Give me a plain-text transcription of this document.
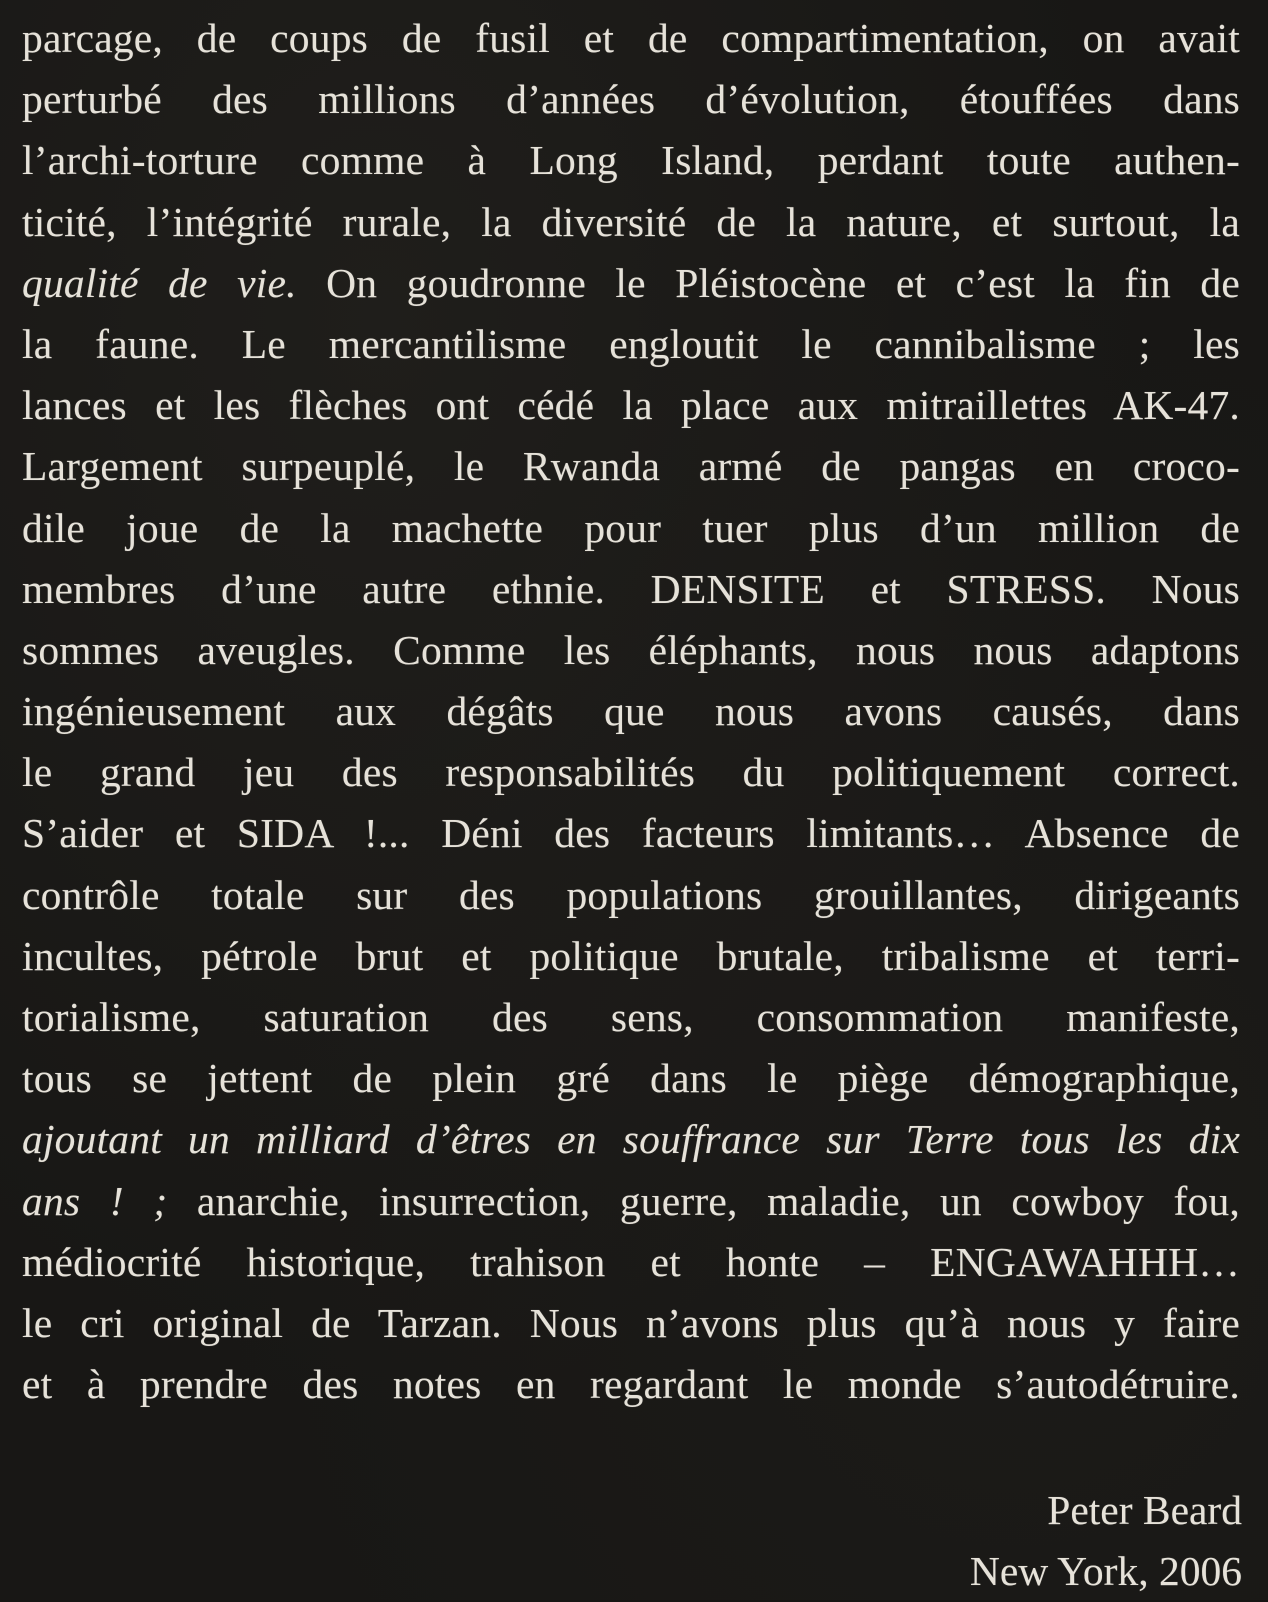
parcage, de coups de fusil et de compartimentation, on avait
perturbé des millions d’années d’évolution, étouffées dans
l’archi-torture comme à Long Island, perdant toute authen-
ticité, l’intégrité rurale, la diversité de la nature, et surtout, la
qualité de vie. On goudronne le Pléistocène et c’est la fin de
la faune. Le mercantilisme engloutit le cannibalisme ; les
lances et les flèches ont cédé la place aux mitraillettes AK-47.
Largement surpeuplé, le Rwanda armé de pangas en croco-
dile joue de la machette pour tuer plus d’un million de
membres d’une autre ethnie. DENSITE et STRESS. Nous
sommes aveugles. Comme les éléphants, nous nous adaptons
ingénieusement aux dégâts que nous avons causés, dans
le grand jeu des responsabilités du politiquement correct.
S’aider et SIDA !... Déni des facteurs limitants… Absence de
contrôle totale sur des populations grouillantes, dirigeants
incultes, pétrole brut et politique brutale, tribalisme et terri-
torialisme, saturation des sens, consommation manifeste,
tous se jettent de plein gré dans le piège démographique,
ajoutant un milliard d’êtres en souffrance sur Terre tous les dix
ans ! ; anarchie, insurrection, guerre, maladie, un cowboy fou,
médiocrité historique, trahison et honte – ENGAWAHHH…
le cri original de Tarzan. Nous n’avons plus qu’à nous y faire
et à prendre des notes en regardant le monde s’autodétruire.
Peter Beard
New York, 2006
